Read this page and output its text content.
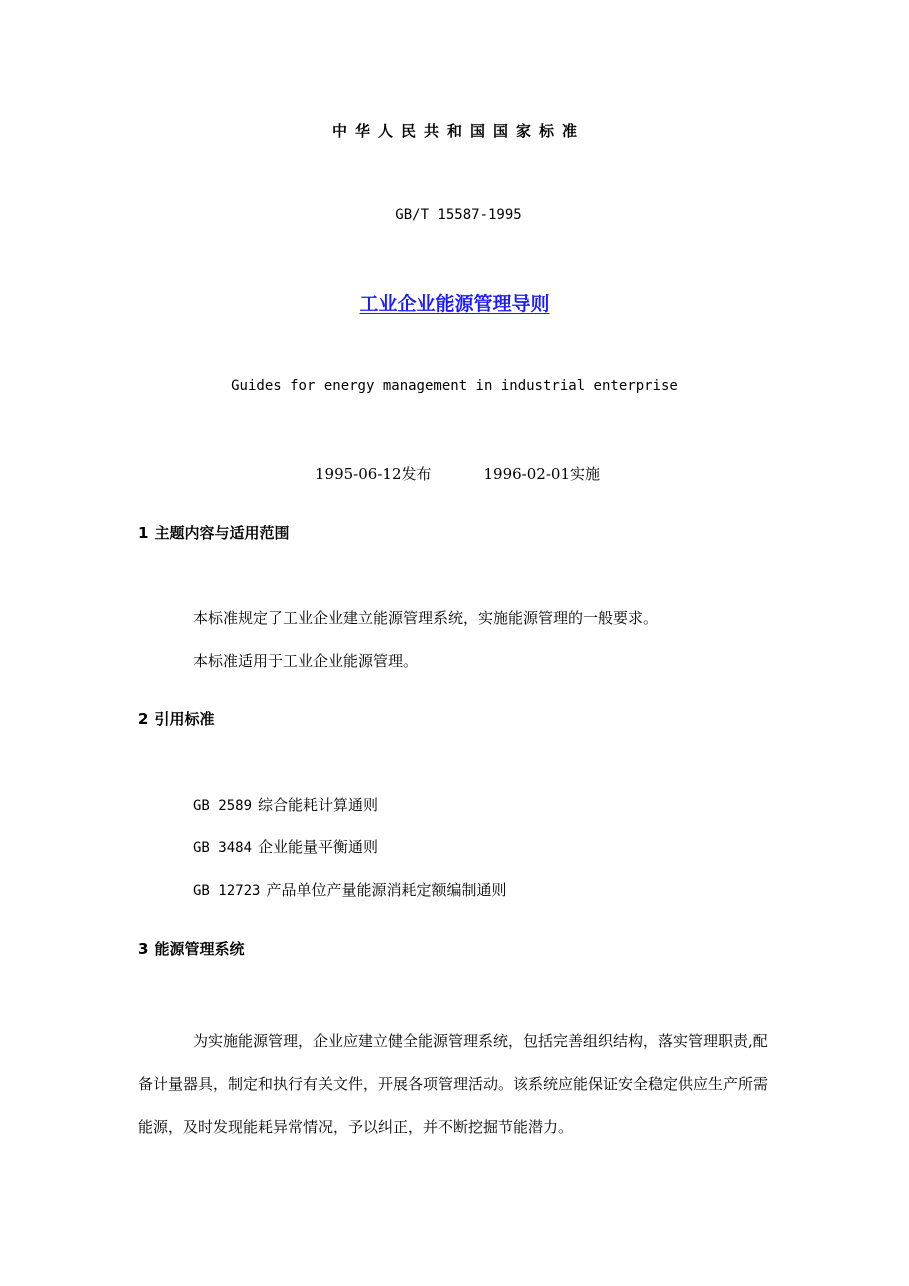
中华人民共和国国家标准
GB/T 15587-1995
工业企业能源管理导则
Guides for energy management in industrial enterprise
1995-06-12发布	1996-02-01实施
1 主题内容与适用范围
本标准规定了工业企业建立能源管理系统，实施能源管理的一般要求。
本标准适用于工业企业能源管理。
2 引用标准
GB 2589 综合能耗计算通则
GB 3484 企业能量平衡通则
GB 12723 产品单位产量能源消耗定额编制通则
3 能源管理系统
为实施能源管理，企业应建立健全能源管理系统，包括完善组织结构，落实管理职责,配备计量器具，制定和执行有关文件，开展各项管理活动。该系统应能保证安全稳定供应生产所需能源，及时发现能耗异常情况，予以纠正，并不断挖掘节能潜力。
